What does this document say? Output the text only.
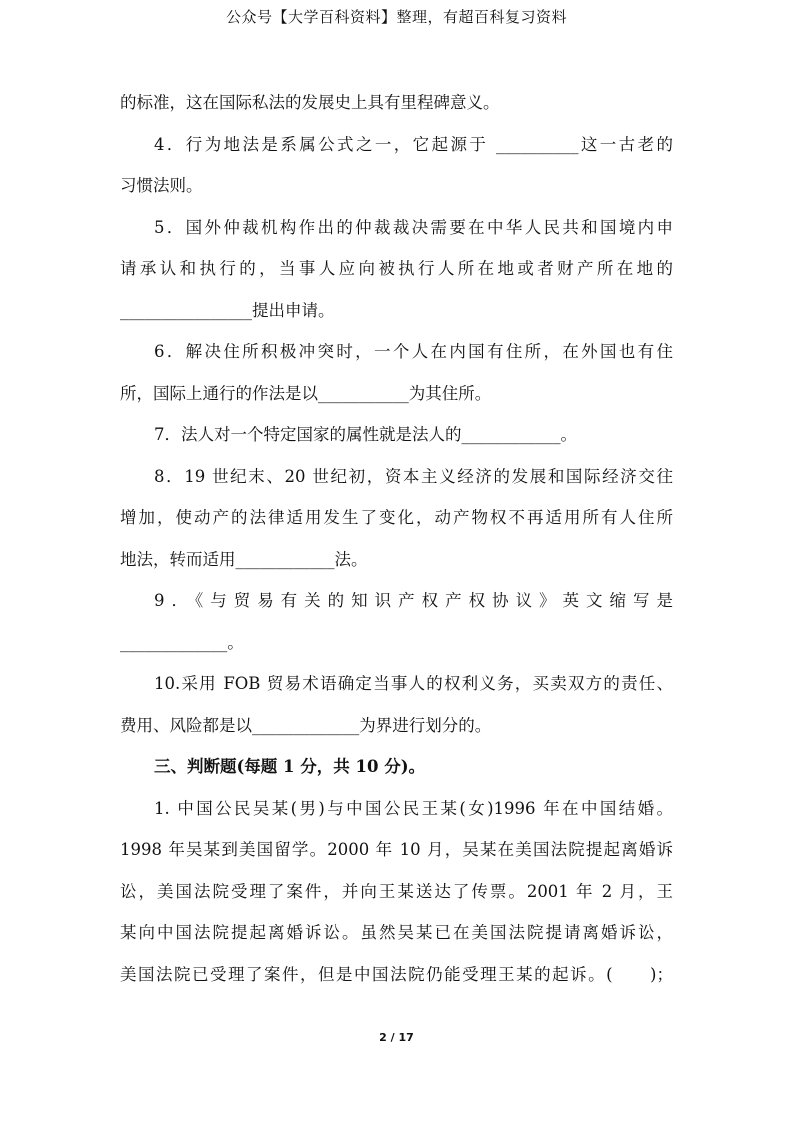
公众号【大学百科资料】整理，有超百科复习资料
的标准，这在国际私法的发展史上具有里程碑意义。
4．行为地法是系属公式之一，它起源于 __________这一古老的
习惯法则。
5．国外仲裁机构作出的仲裁裁决需要在中华人民共和国境内申
请承认和执行的，当事人应向被执行人所在地或者财产所在地的
________________提出申请。
6．解决住所积极冲突时，一个人在内国有住所，在外国也有住
所，国际上通行的作法是以___________为其住所。
7．法人对一个特定国家的属性就是法人的____________。
8．19 世纪末、20 世纪初，资本主义经济的发展和国际经济交往
增加，使动产的法律适用发生了变化，动产物权不再适用所有人住所
地法，转而适用____________法。
9．《与贸易有关的知识产权产权协议》英文缩写是
_____________。
10.采用 FOB 贸易术语确定当事人的权利义务，买卖双方的责任、
费用、风险都是以_____________为界进行划分的。
三、判断题(每题 1 分，共 10 分)。
1. 中国公民吴某(男)与中国公民王某(女)1996 年在中国结婚。
1998 年吴某到美国留学。2000 年 10 月，吴某在美国法院提起离婚诉
讼，美国法院受理了案件，并向王某送达了传票。2001 年 2 月，王
某向中国法院提起离婚诉讼。虽然吴某已在美国法院提请离婚诉讼，
美国法院已受理了案件，但是中国法院仍能受理王某的起诉。(　　)；
2 / 17
